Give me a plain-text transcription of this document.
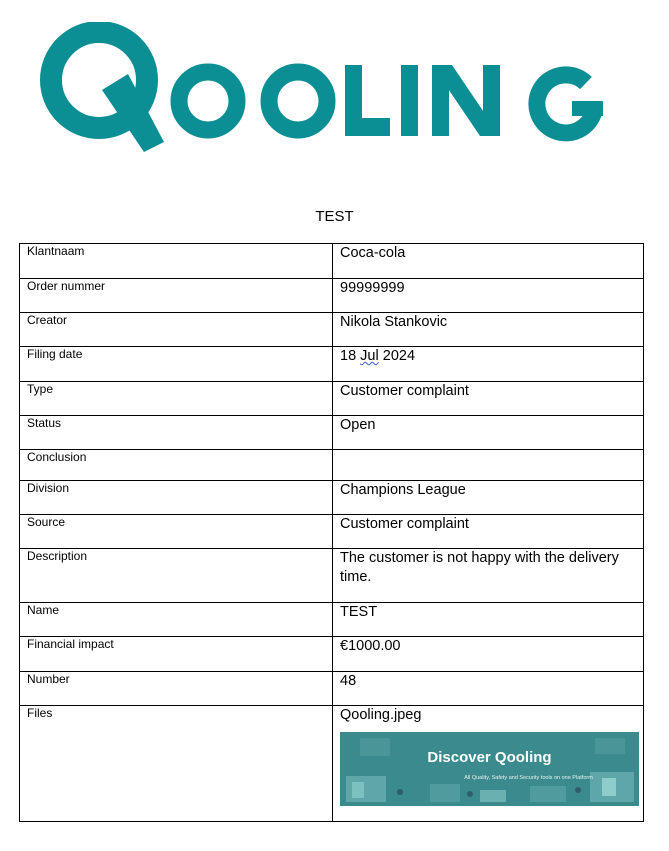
TEST
Klantnaam	Coca-cola
Order nummer	99999999
Creator	Nikola Stankovic
Filing date	18 Jul 2024
Type	Customer complaint
Status	Open
Conclusion	
Division	Champions League
Source	Customer complaint
Description	The customer is not happy with the delivery time.
Name	TEST
Financial impact	€1000.00
Number	48
Files	Qooling.jpeg
Discover Qooling
All Quality, Safety and Security tools on one Platform
